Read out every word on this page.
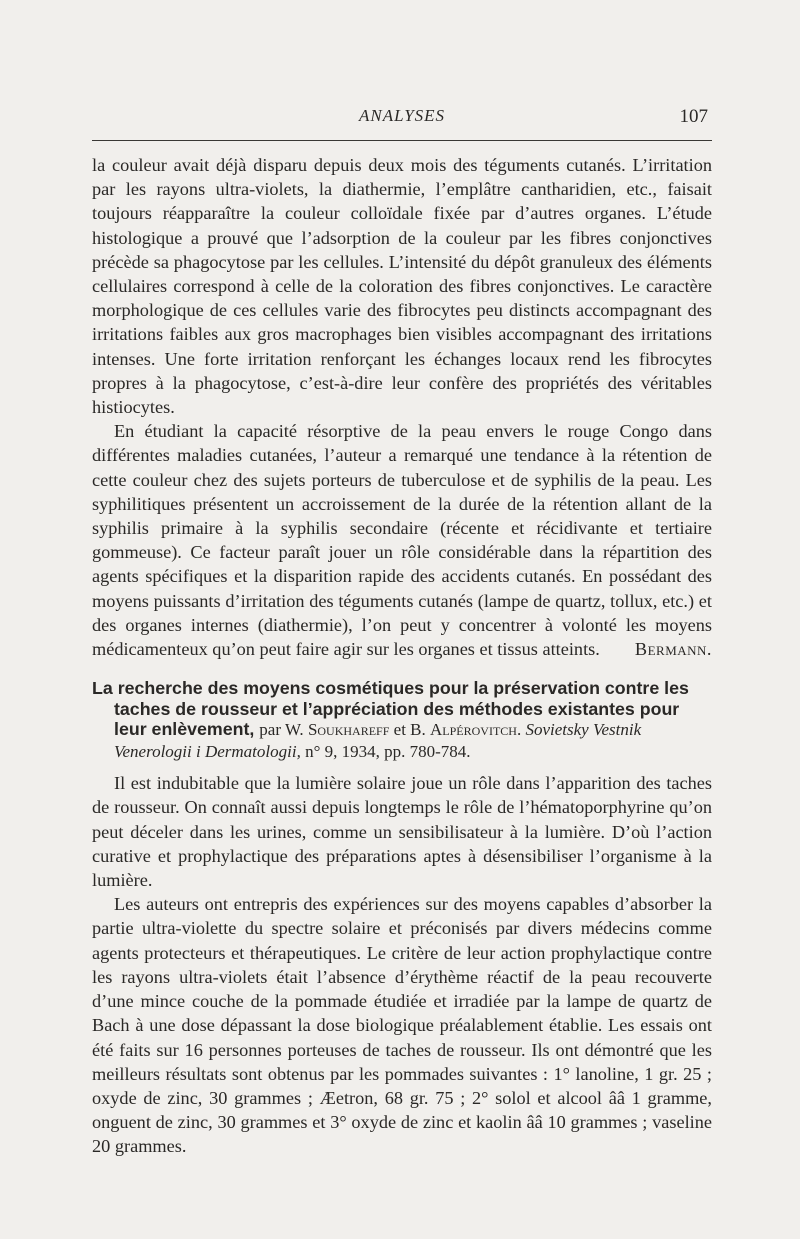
ANALYSES	107

la couleur avait déjà disparu depuis deux mois des téguments cutanés. L’irritation par les rayons ultra-violets, la diathermie, l’emplâtre cantharidien, etc., faisait toujours réapparaître la couleur colloïdale fixée par d’autres organes. L’étude histologique a prouvé que l’adsorption de la couleur par les fibres conjonctives précède sa phagocytose par les cellules. L’intensité du dépôt granuleux des éléments cellulaires correspond à celle de la coloration des fibres conjonctives. Le caractère morphologique de ces cellules varie des fibrocytes peu distincts accompagnant des irritations faibles aux gros macrophages bien visibles accompagnant des irritations intenses. Une forte irritation renforçant les échanges locaux rend les fibrocytes propres à la phagocytose, c’est-à-dire leur confère des propriétés des véritables histiocytes.

En étudiant la capacité résorptive de la peau envers le rouge Congo dans différentes maladies cutanées, l’auteur a remarqué une tendance à la rétention de cette couleur chez des sujets porteurs de tuberculose et de syphilis de la peau. Les syphilitiques présentent un accroissement de la durée de la rétention allant de la syphilis primaire à la syphilis secondaire (récente et récidivante et tertiaire gommeuse). Ce facteur paraît jouer un rôle considérable dans la répartition des agents spécifiques et la disparition rapide des accidents cutanés. En possédant des moyens puissants d’irritation des téguments cutanés (lampe de quartz, tollux, etc.) et des organes internes (diathermie), l’on peut y concentrer à volonté les moyens médicamenteux qu’on peut faire agir sur les organes et tissus atteints.	Bermann.

La recherche des moyens cosmétiques pour la préservation contre les taches de rousseur et l’appréciation des méthodes existantes pour leur enlèvement, par W. Soukhareff et B. Alpérovitch. Sovietsky Vestnik Venerologii i Dermatologii, n° 9, 1934, pp. 780-784.

Il est indubitable que la lumière solaire joue un rôle dans l’apparition des taches de rousseur. On connaît aussi depuis longtemps le rôle de l’hématoporphyrine qu’on peut déceler dans les urines, comme un sensibilisateur à la lumière. D’où l’action curative et prophylactique des préparations aptes à désensibiliser l’organisme à la lumière.

Les auteurs ont entrepris des expériences sur des moyens capables d’absorber la partie ultra-violette du spectre solaire et préconisés par divers médecins comme agents protecteurs et thérapeutiques. Le critère de leur action prophylactique contre les rayons ultra-violets était l’absence d’érythème réactif de la peau recouverte d’une mince couche de la pommade étudiée et irradiée par la lampe de quartz de Bach à une dose dépassant la dose biologique préalablement établie. Les essais ont été faits sur 16 personnes porteuses de taches de rousseur. Ils ont démontré que les meilleurs résultats sont obtenus par les pommades suivantes : 1° lanoline, 1 gr. 25 ; oxyde de zinc, 30 grammes ; Æetron, 68 gr. 75 ; 2° solol et alcool ââ 1 gramme, onguent de zinc, 30 grammes et 3° oxyde de zinc et kaolin ââ 10 grammes ; vaseline 20 grammes.
